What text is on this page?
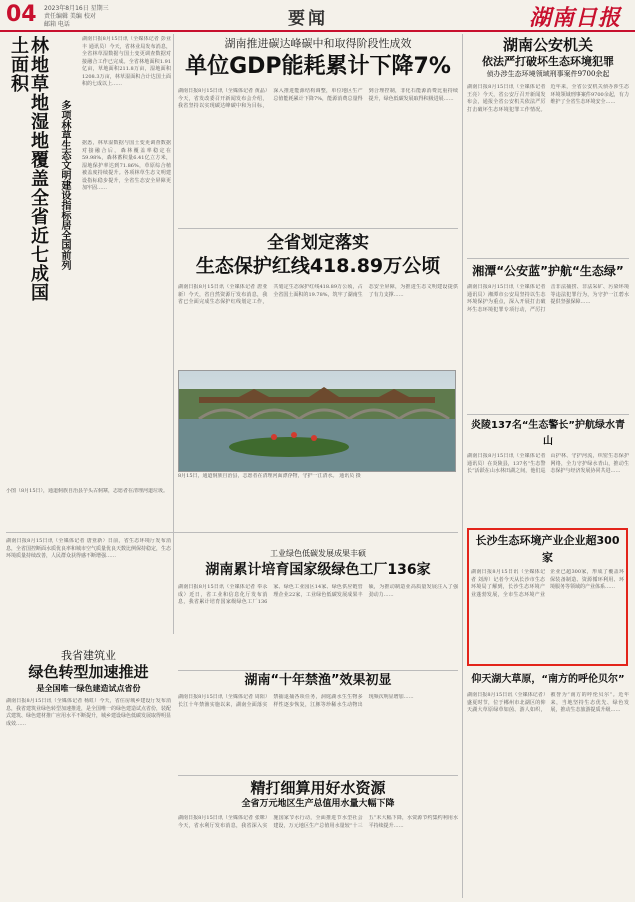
04 2023年8月16日 星期三
责任编辑 美编 校对
邮箱 电话	要闻	湖南日报

湖南日报8月15日讯（全媒体记者 彭业丰 通讯员）今天，省林业局发布消息，全省林草湿数据与国土变更调查数据对接融合工作已完成。全省林地面积1.91亿亩，草地面积211.8万亩，湿地面积1208.3万亩，林草湿面积合计达国土面积的七成以上……

林地草地湿地覆盖全省近七成国土面积

多项林草生态文明建设指标居全国前列 据悉，林草湿数据与国土变更调查数据对接融合后，森林覆盖率稳定在59.98%，森林蓄积量6.41亿立方米，湿地保护率达到71.86%，草原综合植被盖度持续提升。各项林草生态文明建设指标稳步提升，全省生态安全屏障更加牢固……

小图（8月15日），通道侗族自治县芋头古侗寨，志愿者在清理河道垃圾。

湖南推进碳达峰碳中和取得阶段性成效

单位GDP能耗累计下降7%

湖南日报8月15日讯（全媒体记者 黄晶）今天，省发改委召开新闻发布会介绍，我省坚持以实现碳达峰碳中和为目标，深入推进能源结构调整，单位地区生产总值能耗累计下降7%，能源消费总量得到合理控制，非化石能源消费比重持续提升，绿色低碳发展取得积极进展……

全省划定落实

生态保护红线418.89万公顷

湖南日报8月15日讯（全媒体记者 唐亚新）今天，省自然资源厅发布消息，我省已全面完成生态保护红线划定工作，共划定生态保护红线418.89万公顷，占全省国土面积的19.78%，筑牢了湖南生态安全屏障，为推进生态文明建设提供了有力支撑……

8月15日，通道侗族自治县，志愿者在清理河面漂浮物，守护一江清水。 通讯员 摄

湖南公安机关

依法严打破坏生态环境犯罪

侦办涉生态环境领域刑事案件9700余起

湖南日报8月15日讯（全媒体记者 王亮）今天，省公安厅召开新闻发布会，通报全省公安机关依法严厉打击破坏生态环境犯罪工作情况。近年来，全省公安机关侦办涉生态环境领域刑事案件9700余起，有力维护了全省生态环境安全……

湘潭“公安蓝”护航“生态绿”

湖南日报8月15日讯（全媒体记者 通讯员）湘潭市公安局坚持以生态环境保护为重点，深入开展打击破坏生态环境犯罪专项行动，严厉打击非法捕捞、非法采矿、污染环境等违法犯罪行为，为守护一江碧水提供坚强保障……

炎陵137名“生态警长”护航绿水青山

湖南日报8月15日讯（全媒体记者 通讯员）在炎陵县，137名“生态警长”活跃在山水林田湖之间，他们巡山护林、守护河流，织密生态保护网络，全力守护绿水青山，推动生态保护与经济发展协同共进……

湖南日报8月15日讯（全媒体记者 唐亚新）日前，省生态环境厅发布消息，全省国控断面水质优良率和城市空气质量优良天数比例保持稳定，生态环境质量持续改善，人民群众获得感不断增强……

我省建筑业

绿色转型加速推进

是全国唯一绿色建造试点省份

湖南日报8月15日讯（全媒体记者 杨虹）今天，省住房城乡建设厅发布消息，我省建筑业绿色转型加速推进，是全国唯一的绿色建造试点省份，装配式建筑、绿色建材推广应用水平不断提升，城乡建设绿色低碳发展取得明显成效……

工业绿色低碳发展成果丰硕

湖南累计培育国家级绿色工厂136家

湖南日报8月15日讯（全媒体记者 奉永成）近日，省工业和信息化厅发布消息，我省累计培育国家级绿色工厂136家、绿色工业园区14家、绿色供应链管理企业22家，工业绿色低碳发展成果丰硕，为推动制造业高质量发展注入了强劲动力……

湖南“十年禁渔”效果初显

湖南日报8月15日讯（全媒体记者 周阳）长江十年禁渔实施以来，湖南全面落实禁捕退捕各项任务，洞庭湖水生生物多样性逐步恢复，江豚等珍稀水生动物出现频次明显增加……

精打细算用好水资源

全省万元地区生产总值用水量大幅下降

湖南日报8月15日讯（全媒体记者 张咪）今天，省水利厅发布消息，我省深入实施国家节水行动，全面推进节水型社会建设，万元地区生产总值用水量较“十三五”末大幅下降，水资源节约集约利用水平持续提升……

长沙生态环境产业企业超300家

湖南日报8月15日讯（全媒体记者 刘涛）记者今天从长沙市生态环境局了解到，长沙生态环境产业蓬勃发展，全市生态环境产业企业已超300家，形成了覆盖环保装备制造、资源循环利用、环境服务等领域的产业体系……

仰天湖大草原，“南方的呼伦贝尔”

湖南日报8月15日讯（全媒体记者）盛夏时节，位于郴州市北湖区的仰天湖大草原绿草如茵、游人如织，被誉为“南方的呼伦贝尔”。近年来，当地坚持生态优先、绿色发展，推动生态旅游提质升级……
